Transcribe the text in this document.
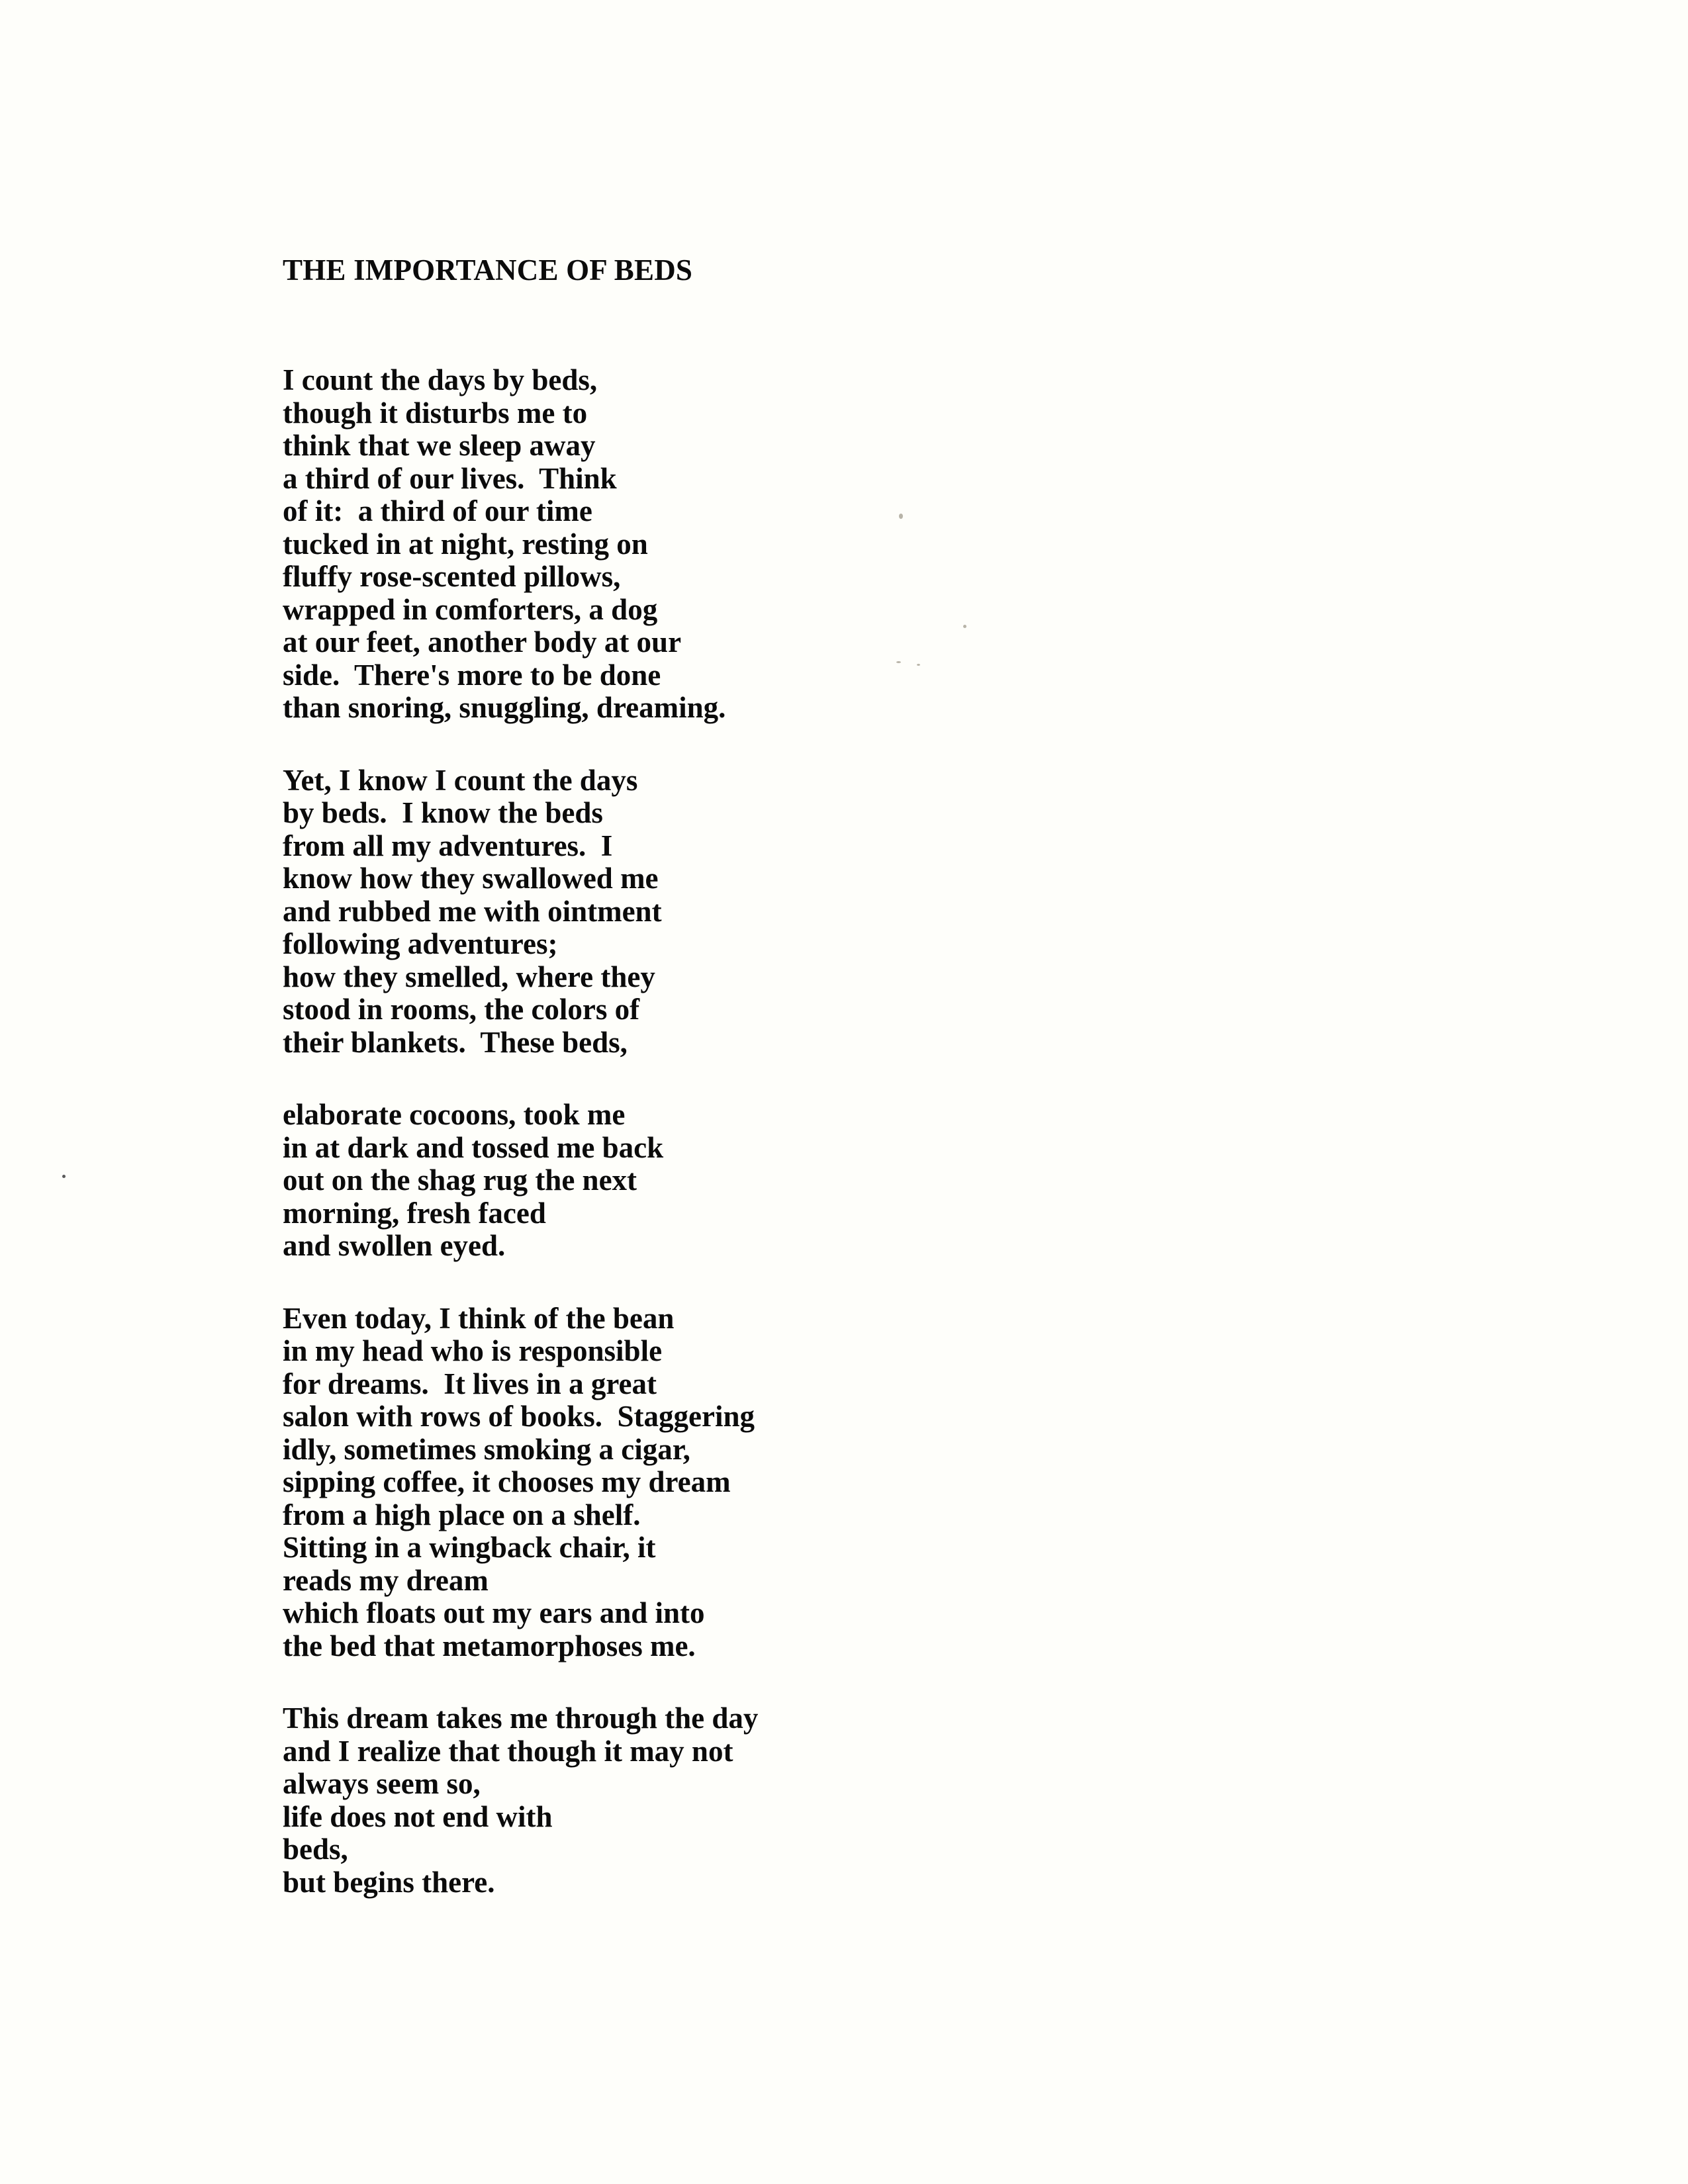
THE IMPORTANCE OF BEDS
I count the days by beds,
though it disturbs me to
think that we sleep away
a third of our lives.  Think
of it:  a third of our time
tucked in at night, resting on
fluffy rose-scented pillows,
wrapped in comforters, a dog
at our feet, another body at our
side.  There's more to be done
than snoring, snuggling, dreaming.
Yet, I know I count the days
by beds.  I know the beds
from all my adventures.  I
know how they swallowed me
and rubbed me with ointment
following adventures;
how they smelled, where they
stood in rooms, the colors of
their blankets.  These beds,
elaborate cocoons, took me
in at dark and tossed me back
out on the shag rug the next
morning, fresh faced
and swollen eyed.
Even today, I think of the bean
in my head who is responsible
for dreams.  It lives in a great
salon with rows of books.  Staggering
idly, sometimes smoking a cigar,
sipping coffee, it chooses my dream
from a high place on a shelf.
Sitting in a wingback chair, it
reads my dream
which floats out my ears and into
the bed that metamorphoses me.
This dream takes me through the day
and I realize that though it may not
always seem so,
life does not end with
beds,
but begins there.
